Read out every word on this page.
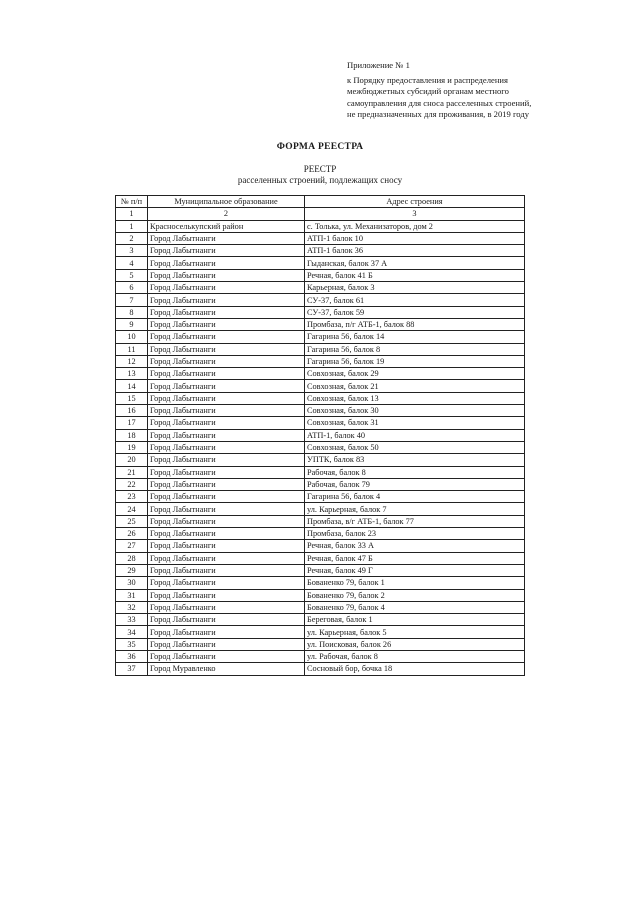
Приложение № 1
к Порядку предоставления и распределения
межбюджетных субсидий органам местного
самоуправления для сноса расселенных строений,
не предназначенных для проживания, в 2019 году
ФОРМА РЕЕСТРА
РЕЕСТР
расселенных строений, подлежащих сносу
№ п/п	Муниципальное образование	Адрес строения
1	2	3
1	Красноселькупский район	с. Толька, ул. Механизаторов, дом 2
2	Город Лабытнанги	АТП-1 балок 10
3	Город Лабытнанги	АТП-1 балок 36
4	Город Лабытнанги	Гыданская, балок 37 А
5	Город Лабытнанги	Речная, балок 41 Б
6	Город Лабытнанги	Карьерная, балок 3
7	Город Лабытнанги	СУ-37, балок 61
8	Город Лабытнанги	СУ-37, балок 59
9	Город Лабытнанги	Промбаза, п/г АТБ-1, балок 88
10	Город Лабытнанги	Гагарина 56, балок 14
11	Город Лабытнанги	Гагарина 56, балок 8
12	Город Лабытнанги	Гагарина 56, балок 19
13	Город Лабытнанги	Совхозная, балок 29
14	Город Лабытнанги	Совхозная, балок 21
15	Город Лабытнанги	Совхозная, балок 13
16	Город Лабытнанги	Совхозная, балок 30
17	Город Лабытнанги	Совхозная, балок 31
18	Город Лабытнанги	АТП-1, балок 40
19	Город Лабытнанги	Совхозная, балок 50
20	Город Лабытнанги	УПТК, балок 83
21	Город Лабытнанги	Рабочая, балок 8
22	Город Лабытнанги	Рабочая, балок 79
23	Город Лабытнанги	Гагарина 56, балок 4
24	Город Лабытнанги	ул. Карьерная, балок 7
25	Город Лабытнанги	Промбаза, в/г АТБ-1, балок 77
26	Город Лабытнанги	Промбаза, балок 23
27	Город Лабытнанги	Речная, балок 33 А
28	Город Лабытнанги	Речная, балок 47 Б
29	Город Лабытнанги	Речная, балок 49 Г
30	Город Лабытнанги	Бованенко 79, балок 1
31	Город Лабытнанги	Бованенко 79, балок 2
32	Город Лабытнанги	Бованенко 79, балок 4
33	Город Лабытнанги	Береговая, балок 1
34	Город Лабытнанги	ул. Карьерная, балок 5
35	Город Лабытнанги	ул. Поисковая, балок 26
36	Город Лабытнанги	ул. Рабочая, балок 8
37	Город Муравленко	Сосновый бор, бочка 18
